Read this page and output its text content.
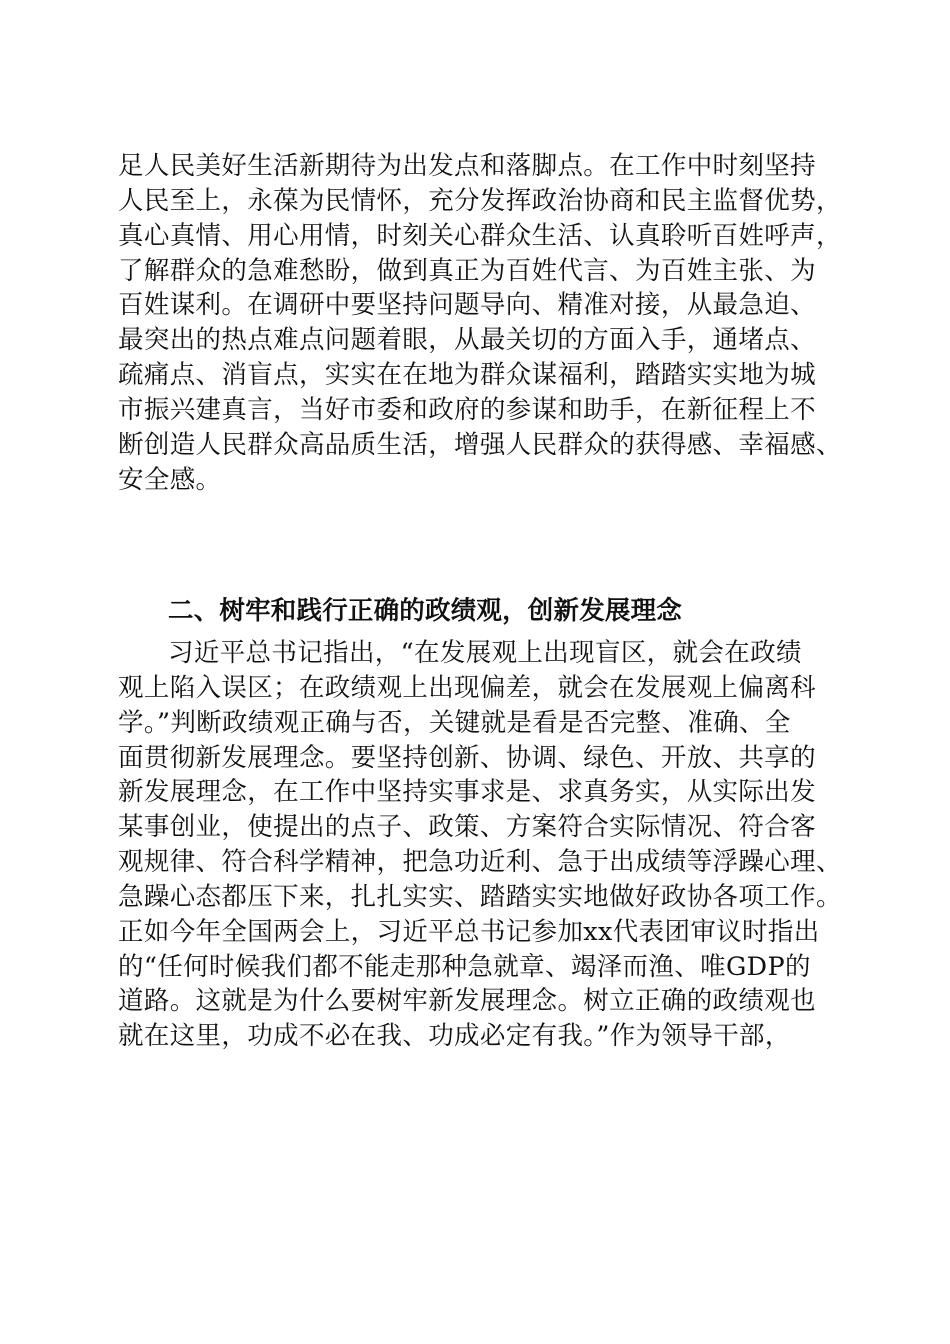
足人民美好生活新期待为出发点和落脚点。在工作中时刻坚持
人民至上，永葆为民情怀，充分发挥政治协商和民主监督优势，
真心真情、用心用情，时刻关心群众生活、认真聆听百姓呼声，
了解群众的急难愁盼，做到真正为百姓代言、为百姓主张、为
百姓谋利。在调研中要坚持问题导向、精准对接，从最急迫、
最突出的热点难点问题着眼，从最关切的方面入手，通堵点、
疏痛点、消盲点，实实在在地为群众谋福利，踏踏实实地为城
市振兴建真言，当好市委和政府的参谋和助手，在新征程上不
断创造人民群众高品质生活，增强人民群众的获得感、幸福感、
安全感。
二、树牢和践行正确的政绩观，创新发展理念
习近平总书记指出，“在发展观上出现盲区，就会在政绩
观上陷入误区；在政绩观上出现偏差，就会在发展观上偏离科
学。”判断政绩观正确与否，关键就是看是否完整、准确、全
面贯彻新发展理念。要坚持创新、协调、绿色、开放、共享的
新发展理念，在工作中坚持实事求是、求真务实，从实际出发
某事创业，使提出的点子、政策、方案符合实际情况、符合客
观规律、符合科学精神，把急功近利、急于出成绩等浮躁心理、
急躁心态都压下来，扎扎实实、踏踏实实地做好政协各项工作。
正如今年全国两会上，习近平总书记参加xx代表团审议时指出
的“任何时候我们都不能走那种急就章、竭泽而渔、唯GDP的
道路。这就是为什么要树牢新发展理念。树立正确的政绩观也
就在这里，功成不必在我、功成必定有我。”作为领导干部，
